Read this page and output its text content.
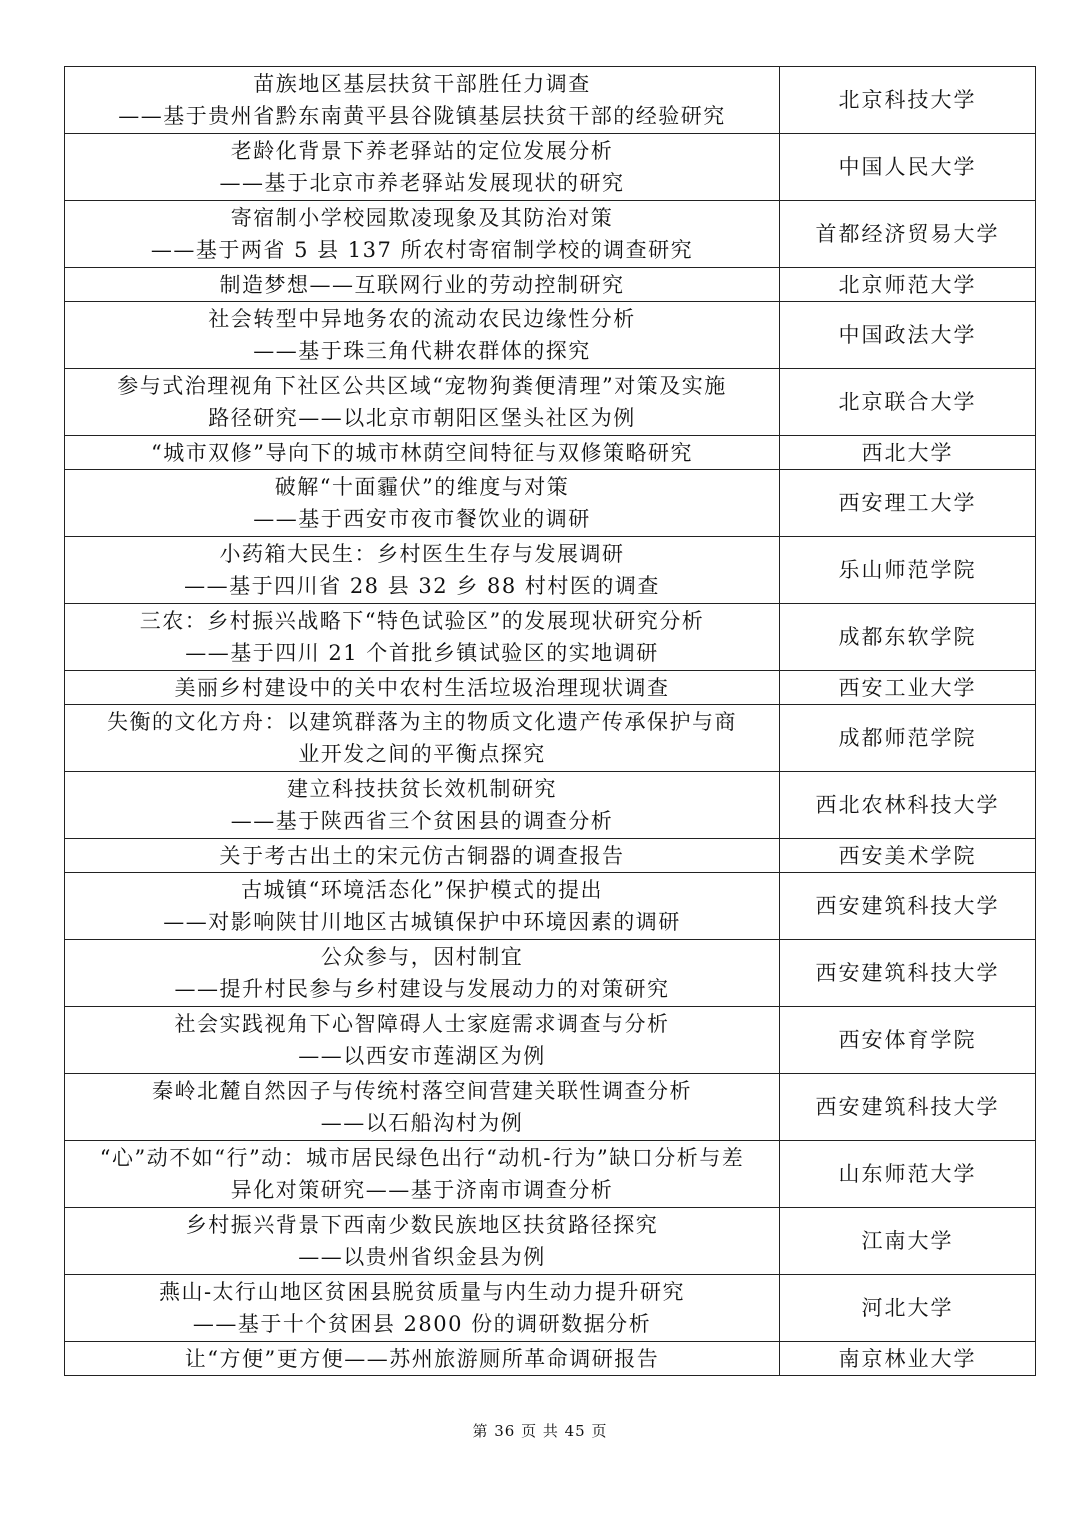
苗族地区基层扶贫干部胜任力调查
——基于贵州省黔东南黄平县谷陇镇基层扶贫干部的经验研究	北京科技大学

老龄化背景下养老驿站的定位发展分析
——基于北京市养老驿站发展现状的研究	中国人民大学

寄宿制小学校园欺凌现象及其防治对策
——基于两省 5 县 137 所农村寄宿制学校的调查研究	首都经济贸易大学

制造梦想——互联网行业的劳动控制研究	北京师范大学

社会转型中异地务农的流动农民边缘性分析
——基于珠三角代耕农群体的探究	中国政法大学

参与式治理视角下社区公共区域“宠物狗粪便清理”对策及实施
路径研究——以北京市朝阳区堡头社区为例	北京联合大学

“城市双修”导向下的城市林荫空间特征与双修策略研究	西北大学

破解“十面霾伏”的维度与对策
——基于西安市夜市餐饮业的调研	西安理工大学

小药箱大民生：乡村医生生存与发展调研
——基于四川省 28 县 32 乡 88 村村医的调查	乐山师范学院

三农：乡村振兴战略下“特色试验区”的发展现状研究分析
——基于四川 21 个首批乡镇试验区的实地调研	成都东软学院

美丽乡村建设中的关中农村生活垃圾治理现状调查	西安工业大学

失衡的文化方舟：以建筑群落为主的物质文化遗产传承保护与商
业开发之间的平衡点探究	成都师范学院

建立科技扶贫长效机制研究
——基于陕西省三个贫困县的调查分析	西北农林科技大学

关于考古出土的宋元仿古铜器的调查报告	西安美术学院

古城镇“环境活态化”保护模式的提出
——对影响陕甘川地区古城镇保护中环境因素的调研	西安建筑科技大学

公众参与，因村制宜
——提升村民参与乡村建设与发展动力的对策研究	西安建筑科技大学

社会实践视角下心智障碍人士家庭需求调查与分析
——以西安市莲湖区为例	西安体育学院

秦岭北麓自然因子与传统村落空间营建关联性调查分析
——以石船沟村为例	西安建筑科技大学

“心”动不如“行”动：城市居民绿色出行“动机-行为”缺口分析与差
异化对策研究——基于济南市调查分析	山东师范大学

乡村振兴背景下西南少数民族地区扶贫路径探究
——以贵州省织金县为例	江南大学

燕山-太行山地区贫困县脱贫质量与内生动力提升研究
——基于十个贫困县 2800 份的调研数据分析	河北大学

让“方便”更方便——苏州旅游厕所革命调研报告	南京林业大学
第 36 页 共 45 页
